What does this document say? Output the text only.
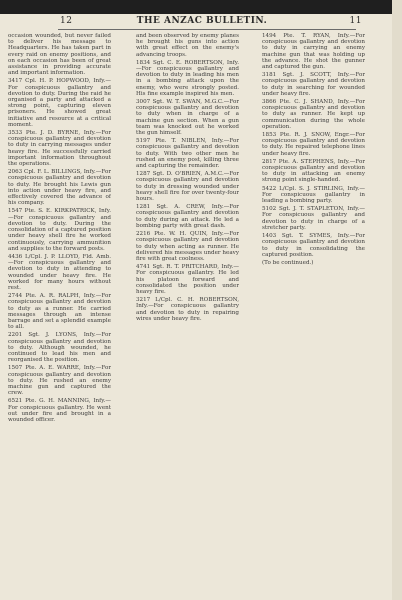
12	THE ANZAC BULLETIN.	11

occasion wounded, but never failed to deliver his message to Headquarters. He has taken part in every raid on enemy positions, and on each occasion has been of great assistance in providing accurate and important information.

3417 Cpl. H. P. HOPWOOD, Infy.—For conspicuous gallantry and devotion to duty. During the raid he organised a party and attacked a strong point, capturing eleven prisoners. He showed great initiative and resource at a critical moment.

3533 Pte. J. D. BYRNE, Infy.—For conspicuous gallantry and devotion to duty in carrying messages under heavy fire. He successfully carried important information throughout the operations.

2063 Cpl. F. L. BILLINGS, Infy.—For conspicuous gallantry and devotion to duty. He brought his Lewis gun into action under heavy fire, and effectively covered the advance of his company.

1547 Pte. S. E. KIRKPATRICK, Infy.—For conspicuous gallantry and devotion to duty. During the consolidation of a captured position under heavy shell fire he worked continuously, carrying ammunition and supplies to the forward posts.

4436 L/Cpl. J. P. LLOYD, Fld. Amb.—For conspicuous gallantry and devotion to duty in attending to wounded under heavy fire. He worked for many hours without rest.

2744 Pte. A. R. RALPH, Infy.—For conspicuous gallantry and devotion to duty as a runner. He carried messages through an intense barrage and set a splendid example to all.

2201 Sgt. J. LYONS, Infy.—For conspicuous gallantry and devotion to duty. Although wounded, he continued to lead his men and reorganised the position.

1507 Pte. A. E. WARRE, Infy.—For conspicuous gallantry and devotion to duty. He rushed an enemy machine gun and captured the crew.

6521 Pte. G. H. MANNING, Infy.—For conspicuous gallantry. He went out under fire and brought in a wounded officer.

and been observed by enemy planes he brought his guns into action with great effect on the enemy's advancing troops.

1834 Sgt. C. E. ROBERTSON, Infy.—For conspicuous gallantry and devotion to duty in leading his men in a bombing attack upon the enemy, who were strongly posted. His fine example inspired his men.

3007 Sgt. W. T. SWAN, M.G.C.—For conspicuous gallantry and devotion to duty when in charge of a machine gun section. When a gun team was knocked out he worked the gun himself.

5197 Pte. T. NIBLEN, Infy.—For conspicuous gallantry and devotion to duty. With two other men he rushed an enemy post, killing three and capturing the remainder.

1287 Sgt. D. O'BRIEN, A.M.C.—For conspicuous gallantry and devotion to duty in dressing wounded under heavy shell fire for over twenty-four hours.

1281 Sgt. A. CREW, Infy.—For conspicuous gallantry and devotion to duty during an attack. He led a bombing party with great dash.

2216 Pte. W. H. QUIN, Infy.—For conspicuous gallantry and devotion to duty when acting as runner. He delivered his messages under heavy fire with great coolness.

4741 Sgt. R. T. PRITCHARD, Infy.—For conspicuous gallantry. He led his platoon forward and consolidated the position under heavy fire.

3217 L/Cpl. C. H. ROBERTSON, Infy.—For conspicuous gallantry and devotion to duty in repairing wires under heavy fire.

1494 Pte. T. RYAN, Infy.—For conspicuous gallantry and devotion to duty in carrying an enemy machine gun that was holding up the advance. He shot the gunner and captured the gun.

3181 Sgt. J. SCOTT, Infy.—For conspicuous gallantry and devotion to duty in searching for wounded under heavy fire.

3866 Pte. C. J. SHAND, Infy.—For conspicuous gallantry and devotion to duty as runner. He kept up communication during the whole operation.

1853 Pte. R. J. SNOW, Engr.—For conspicuous gallantry and devotion to duty. He repaired telephone lines under heavy fire.

2817 Pte. A. STEPHENS, Infy.—For conspicuous gallantry and devotion to duty in attacking an enemy strong point single-handed.

5422 L/Cpl. S. J. STIRLING, Infy.—For conspicuous gallantry in leading a bombing party.

5102 Sgt. J. T. STAPLETON, Infy.—For conspicuous gallantry and devotion to duty in charge of a stretcher party.

1403 Sgt. T. SYMES, Infy.—For conspicuous gallantry and devotion to duty in consolidating the captured position.

(To be continued.)
